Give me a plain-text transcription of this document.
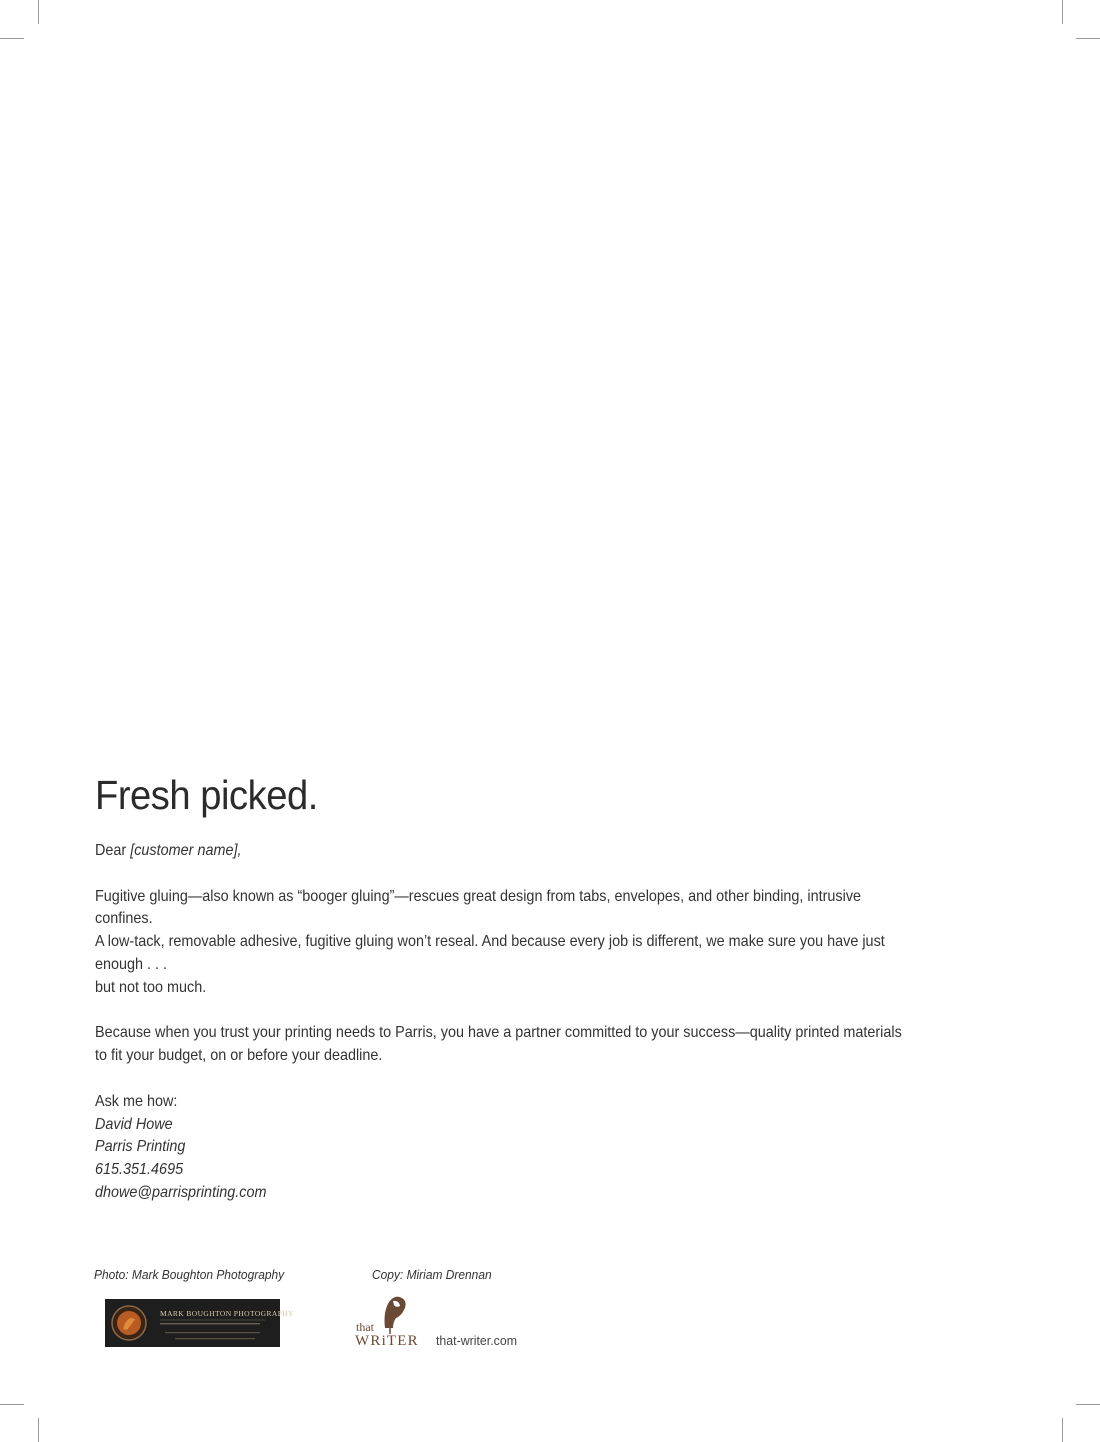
Fresh picked.

Dear [customer name],

Fugitive gluing—also known as “booger gluing”—rescues great design from tabs, envelopes, and other binding, intrusive confines.

A low-tack, removable adhesive, fugitive gluing won’t reseal. And because every job is different, we make sure you have just enough . . .

but not too much.

Because when you trust your printing needs to Parris, you have a partner committed to your success—quality printed materials

to fit your budget, on or before your deadline.

Ask me how:

David Howe

Parris Printing

615.351.4695

dhowe@parrisprinting.com

Photo: Mark Boughton Photography	Copy: Miriam Drennan
MARK BOUGHTON PHOTOGRAPHY
that
WRiTER that-writer.com
